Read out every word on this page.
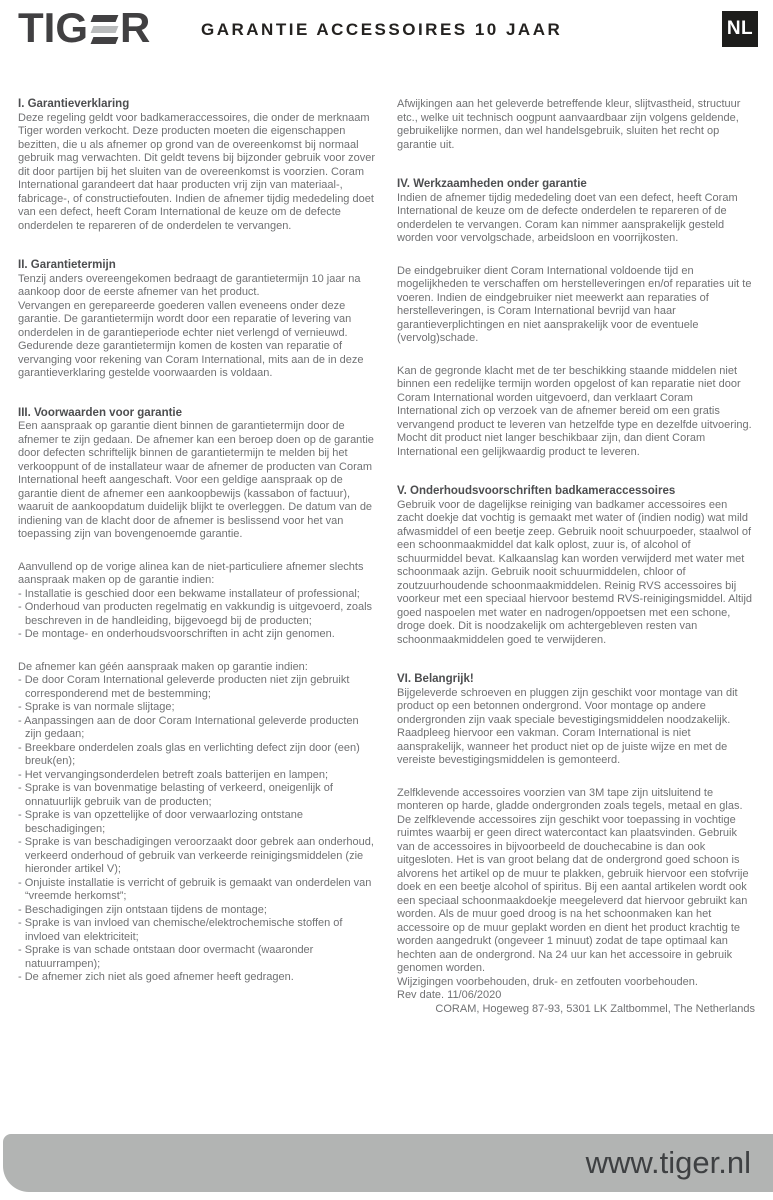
TIG R	GARANTIE ACCESSOIRES 10 JAAR	NL
I. Garantieverklaring

Deze regeling geldt voor badkameraccessoires, die onder de merknaam Tiger worden verkocht. Deze producten moeten die eigenschappen bezitten, die u als afnemer op grond van de overeenkomst bij normaal gebruik mag verwachten. Dit geldt tevens bij bijzonder gebruik voor zover dit door partijen bij het sluiten van de overeenkomst is voorzien. Coram International garandeert dat haar producten vrij zijn van materiaal-, fabricage-, of constructiefouten. Indien de afnemer tijdig mededeling doet van een defect, heeft Coram International de keuze om de defecte onderdelen te repareren of de onderdelen te vervangen.

II. Garantietermijn

Tenzij anders overeengekomen bedraagt de garantietermijn 10 jaar na aankoop door de eerste afnemer van het product.

Vervangen en gerepareerde goederen vallen eveneens onder deze garantie. De garantietermijn wordt door een reparatie of levering van onderdelen in de garantieperiode echter niet verlengd of vernieuwd.

Gedurende deze garantietermijn komen de kosten van reparatie of vervanging voor rekening van Coram International, mits aan de in deze garantieverklaring gestelde voorwaarden is voldaan.

III. Voorwaarden voor garantie

Een aanspraak op garantie dient binnen de garantietermijn door de afnemer te zijn gedaan. De afnemer kan een beroep doen op de garantie door defecten schriftelijk binnen de garantietermijn te melden bij het verkooppunt of de installateur waar de afnemer de producten van Coram International heeft aangeschaft. Voor een geldige aanspraak op de garantie dient de afnemer een aankoopbewijs (kassabon of factuur), waaruit de aankoopdatum duidelijk blijkt te overleggen. De datum van de indiening van de klacht door de afnemer is beslissend voor het van toepassing zijn van bovengenoemde garantie.

Aanvullend op de vorige alinea kan de niet-particuliere afnemer slechts aanspraak maken op de garantie indien:

- Installatie is geschied door een bekwame installateur of professional;
- Onderhoud van producten regelmatig en vakkundig is uitgevoerd, zoals beschreven in de handleiding, bijgevoegd bij de producten;
- De montage- en onderhoudsvoorschriften in acht zijn genomen.

De afnemer kan géén aanspraak maken op garantie indien:

- De door Coram International geleverde producten niet zijn gebruikt corresponderend met de bestemming;
- Sprake is van normale slijtage;
- Aanpassingen aan de door Coram International geleverde producten zijn gedaan;
- Breekbare onderdelen zoals glas en verlichting defect zijn door (een) breuk(en);
- Het vervangingsonderdelen betreft zoals batterijen en lampen;
- Sprake is van bovenmatige belasting of verkeerd, oneigenlijk of onnatuurlijk gebruik van de producten;
- Sprake is van opzettelijke of door verwaarlozing ontstane beschadigingen;
- Sprake is van beschadigingen veroorzaakt door gebrek aan onderhoud, verkeerd onderhoud of gebruik van verkeerde reinigingsmiddelen (zie hieronder artikel V);
- Onjuiste installatie is verricht of gebruik is gemaakt van onderdelen van “vreemde herkomst”;
- Beschadigingen zijn ontstaan tijdens de montage;
- Sprake is van invloed van chemische/elektrochemische stoffen of invloed van elektriciteit;
- Sprake is van schade ontstaan door overmacht (waaronder natuurrampen);
- De afnemer zich niet als goed afnemer heeft gedragen.

Afwijkingen aan het geleverde betreffende kleur, slijtvastheid, structuur etc., welke uit technisch oogpunt aanvaardbaar zijn volgens geldende, gebruikelijke normen, dan wel handelsgebruik, sluiten het recht op garantie uit.

IV. Werkzaamheden onder garantie

Indien de afnemer tijdig mededeling doet van een defect, heeft Coram International de keuze om de defecte onderdelen te repareren of de onderdelen te vervangen. Coram kan nimmer aansprakelijk gesteld worden voor vervolgschade, arbeidsloon en voorrijkosten.

De eindgebruiker dient Coram International voldoende tijd en mogelijkheden te verschaffen om herstelleveringen en/of reparaties uit te voeren. Indien de eindgebruiker niet meewerkt aan reparaties of herstelleveringen, is Coram International bevrijd van haar garantieverplichtingen en niet aansprakelijk voor de eventuele (vervolg)schade.

Kan de gegronde klacht met de ter beschikking staande middelen niet binnen een redelijke termijn worden opgelost of kan reparatie niet door Coram International worden uitgevoerd, dan verklaart Coram International zich op verzoek van de afnemer bereid om een gratis vervangend product te leveren van hetzelfde type en dezelfde uitvoering. Mocht dit product niet langer beschikbaar zijn, dan dient Coram International een gelijkwaardig product te leveren.

V. Onderhoudsvoorschriften badkameraccessoires

Gebruik voor de dagelijkse reiniging van badkamer accessoires een zacht doekje dat vochtig is gemaakt met water of (indien nodig) wat mild afwasmiddel of een beetje zeep. Gebruik nooit schuurpoeder, staalwol of een schoonmaakmiddel dat kalk oplost, zuur is, of alcohol of schuurmiddel bevat. Kalkaanslag kan worden verwijderd met water met schoonmaak azijn. Gebruik nooit schuurmiddelen, chloor of zoutzuurhoudende schoonmaakmiddelen. Reinig RVS accessoires bij voorkeur met een speciaal hiervoor bestemd RVS-reinigingsmiddel. Altijd goed naspoelen met water en nadrogen/oppoetsen met een schone, droge doek. Dit is noodzakelijk om achtergebleven resten van schoonmaakmiddelen goed te verwijderen.

VI. Belangrijk!

Bijgeleverde schroeven en pluggen zijn geschikt voor montage van dit product op een betonnen ondergrond. Voor montage op andere ondergronden zijn vaak speciale bevestigingsmiddelen noodzakelijk. Raadpleeg hiervoor een vakman. Coram International is niet aansprakelijk, wanneer het product niet op de juiste wijze en met de vereiste bevestigingsmiddelen is gemonteerd.

Zelfklevende accessoires voorzien van 3M tape zijn uitsluitend te monteren op harde, gladde ondergronden zoals tegels, metaal en glas. De zelfklevende accessoires zijn geschikt voor toepassing in vochtige ruimtes waarbij er geen direct watercontact kan plaatsvinden. Gebruik van de accessoires in bijvoorbeeld de douchecabine is dan ook uitgesloten. Het is van groot belang dat de ondergrond goed schoon is alvorens het artikel op de muur te plakken, gebruik hiervoor een stofvrije doek en een beetje alcohol of spiritus. Bij een aantal artikelen wordt ook een speciaal schoonmaakdoekje meegeleverd dat hiervoor gebruikt kan worden. Als de muur goed droog is na het schoonmaken kan het accessoire op de muur geplakt worden en dient het product krachtig te worden aangedrukt (ongeveer 1 minuut) zodat de tape optimaal kan hechten aan de ondergrond. Na 24 uur kan het accessoire in gebruik genomen worden.

Wijzigingen voorbehouden, druk- en zetfouten voorbehouden.

Rev date. 11/06/2020

CORAM, Hogeweg 87-93, 5301 LK Zaltbommel, The Netherlands

www.tiger.nl
